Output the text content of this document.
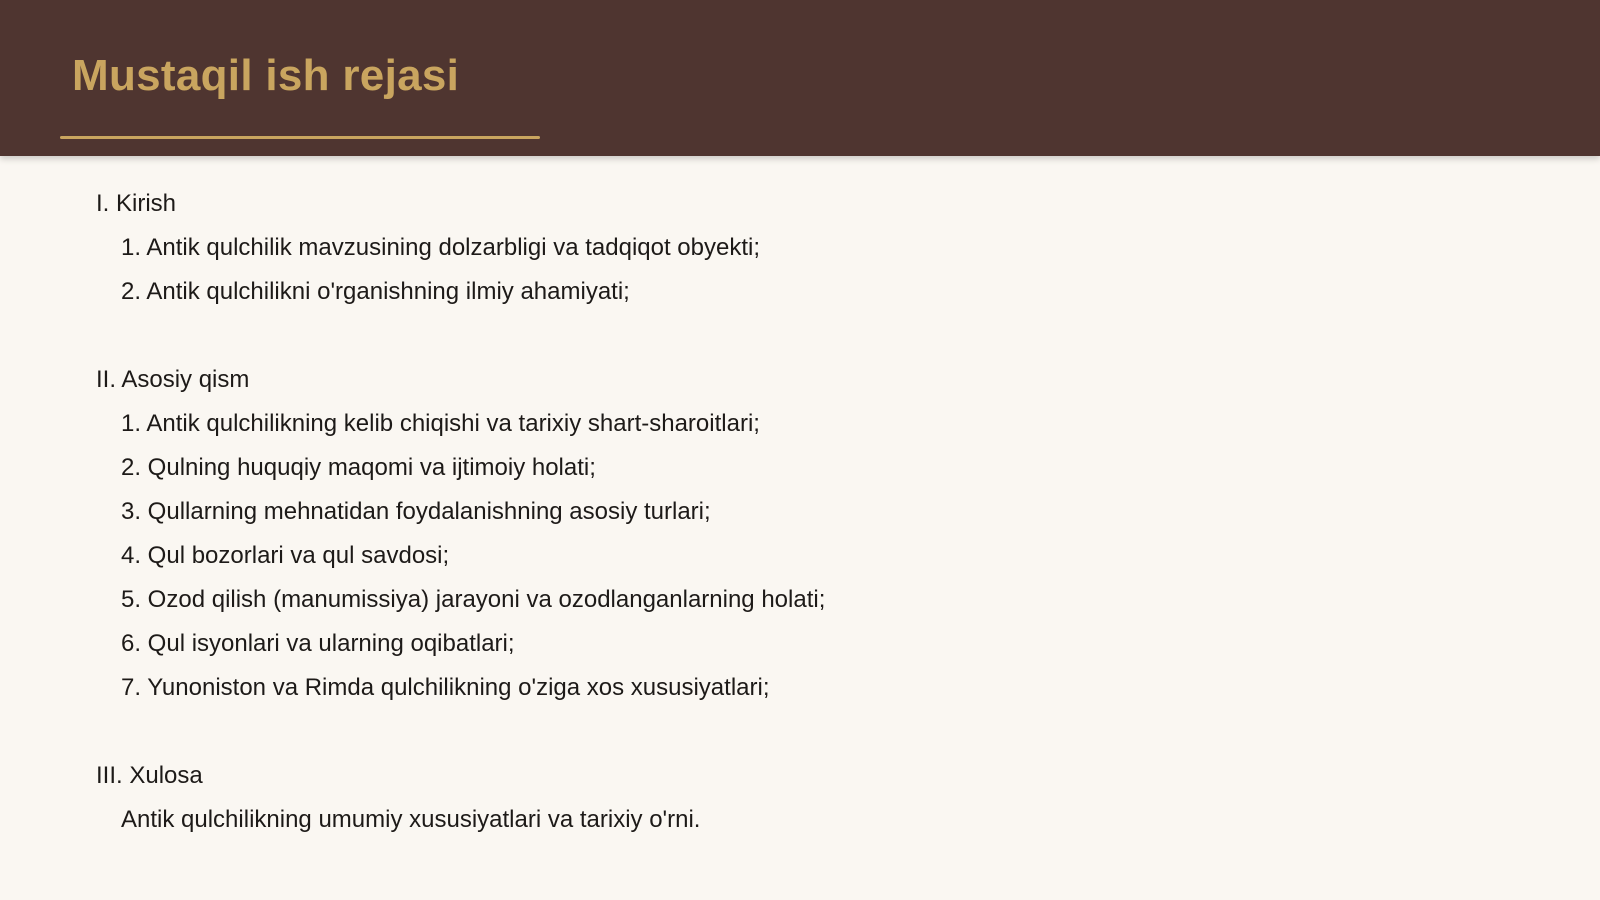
Mustaqil ish rejasi
I. Kirish
1. Antik qulchilik mavzusining dolzarbligi va tadqiqot obyekti;
2. Antik qulchilikni o'rganishning ilmiy ahamiyati;
II. Asosiy qism
1. Antik qulchilikning kelib chiqishi va tarixiy shart-sharoitlari;
2. Qulning huquqiy maqomi va ijtimoiy holati;
3. Qullarning mehnatidan foydalanishning asosiy turlari;
4. Qul bozorlari va qul savdosi;
5. Ozod qilish (manumissiya) jarayoni va ozodlanganlarning holati;
6. Qul isyonlari va ularning oqibatlari;
7. Yunoniston va Rimda qulchilikning o'ziga xos xususiyatlari;
III. Xulosa
Antik qulchilikning umumiy xususiyatlari va tarixiy o'rni.
